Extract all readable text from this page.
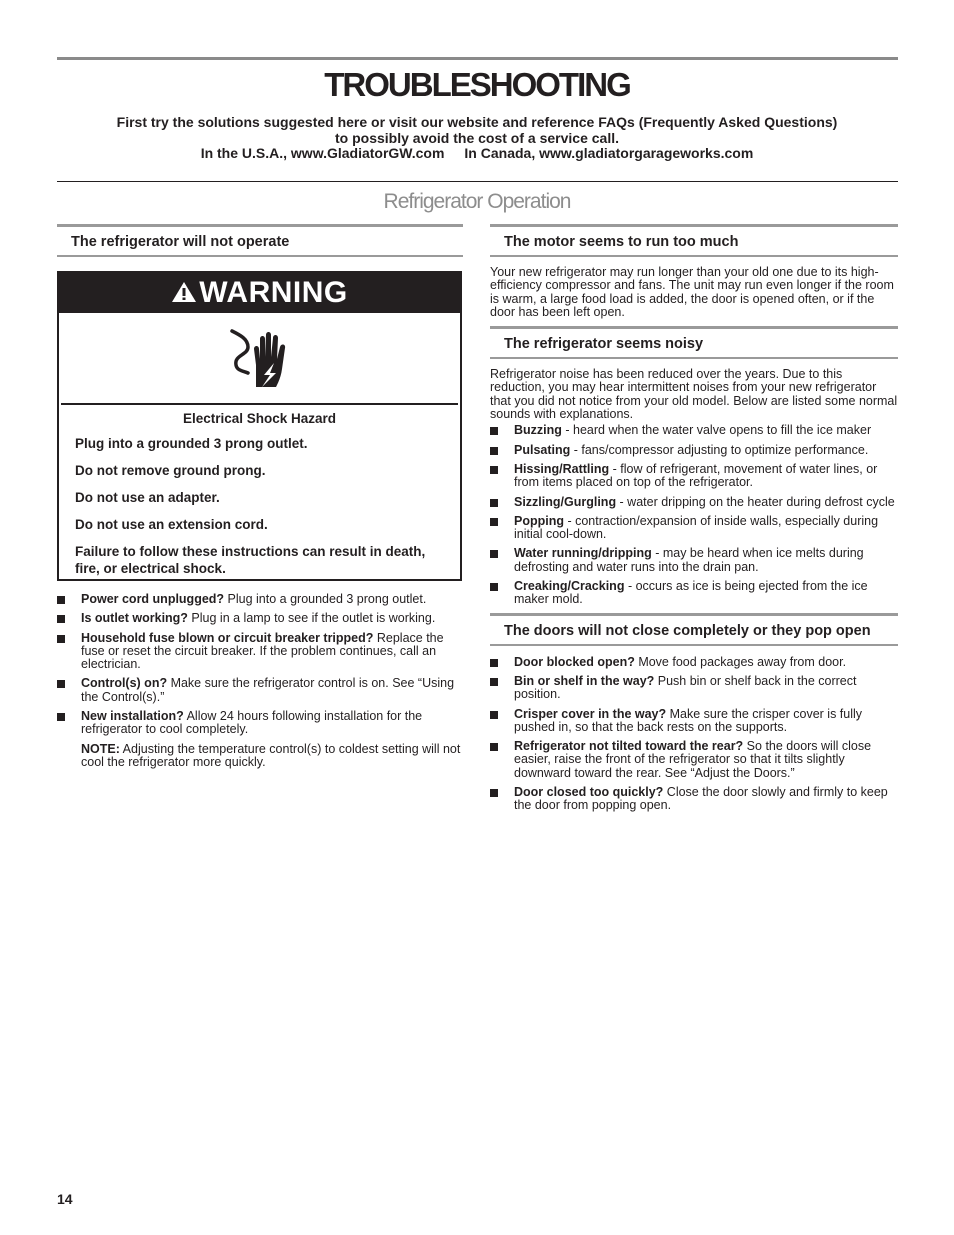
TROUBLESHOOTING
First try the solutions suggested here or visit our website and reference FAQs (Frequently Asked Questions)
to possibly avoid the cost of a service call.
In the U.S.A., www.GladiatorGW.com In Canada, www.gladiatorgarageworks.com
Refrigerator Operation
The refrigerator will not operate
WARNING
Electrical Shock Hazard
Plug into a grounded 3 prong outlet.
Do not remove ground prong.
Do not use an adapter.
Do not use an extension cord.
Failure to follow these instructions can result in death, fire, or electrical shock.
Power cord unplugged? Plug into a grounded 3 prong outlet.
Is outlet working? Plug in a lamp to see if the outlet is working.
Household fuse blown or circuit breaker tripped? Replace the fuse or reset the circuit breaker. If the problem continues, call an electrician.
Control(s) on? Make sure the refrigerator control is on. See “Using the Control(s).”
New installation? Allow 24 hours following installation for the refrigerator to cool completely.
NOTE: Adjusting the temperature control(s) to coldest setting will not cool the refrigerator more quickly.
The motor seems to run too much
Your new refrigerator may run longer than your old one due to its high-efficiency compressor and fans. The unit may run even longer if the room is warm, a large food load is added, the door is opened often, or if the door has been left open.
The refrigerator seems noisy
Refrigerator noise has been reduced over the years. Due to this reduction, you may hear intermittent noises from your new refrigerator that you did not notice from your old model. Below are listed some normal sounds with explanations.
Buzzing - heard when the water valve opens to fill the ice maker
Pulsating - fans/compressor adjusting to optimize performance.
Hissing/Rattling - flow of refrigerant, movement of water lines, or from items placed on top of the refrigerator.
Sizzling/Gurgling - water dripping on the heater during defrost cycle
Popping - contraction/expansion of inside walls, especially during initial cool-down.
Water running/dripping - may be heard when ice melts during defrosting and water runs into the drain pan.
Creaking/Cracking - occurs as ice is being ejected from the ice maker mold.
The doors will not close completely or they pop open
Door blocked open? Move food packages away from door.
Bin or shelf in the way? Push bin or shelf back in the correct position.
Crisper cover in the way? Make sure the crisper cover is fully pushed in, so that the back rests on the supports.
Refrigerator not tilted toward the rear? So the doors will close easier, raise the front of the refrigerator so that it tilts slightly downward toward the rear. See “Adjust the Doors.”
Door closed too quickly? Close the door slowly and firmly to keep the door from popping open.
14
